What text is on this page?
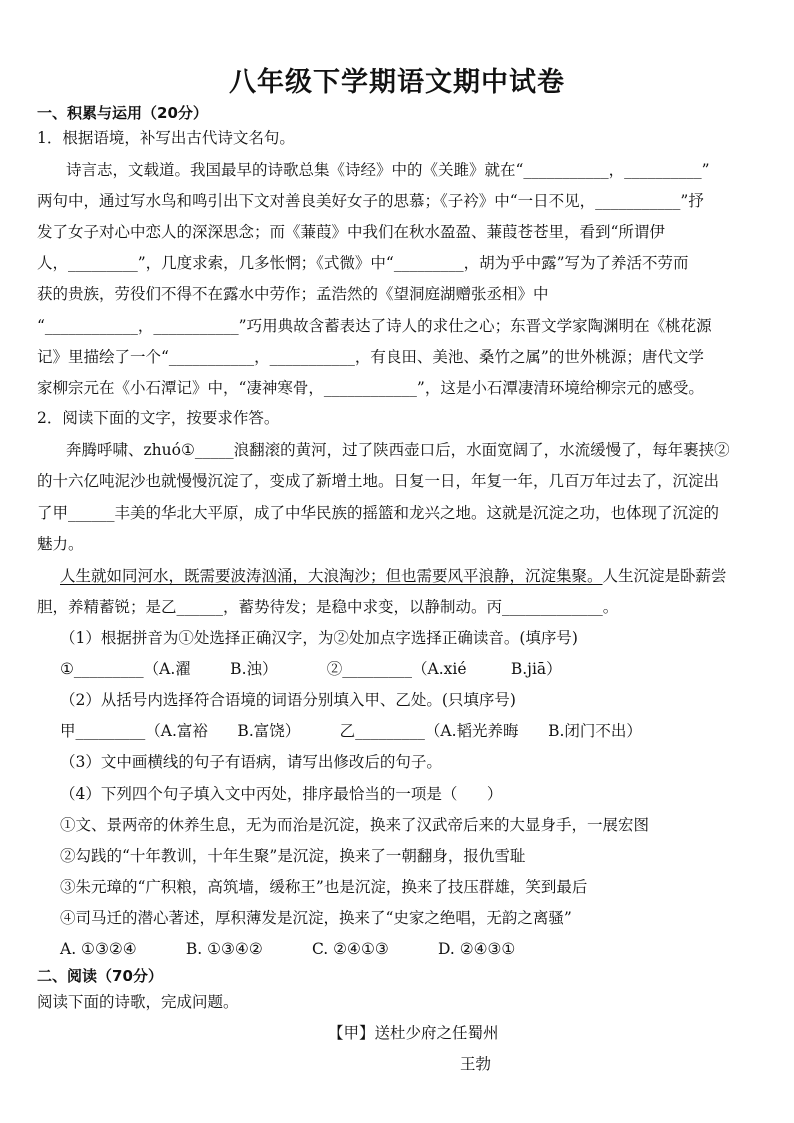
八年级下学期语文期中试卷
一、积累与运用（20分）
1．根据语境，补写出古代诗文名句。
诗言志，文载道。我国最早的诗歌总集《诗经》中的《关雎》就在“___________，__________”
两句中，通过写水鸟和鸣引出下文对善良美好女子的思慕；《子衿》中“一日不见，___________”抒
发了女子对心中恋人的深深思念；而《蒹葭》中我们在秋水盈盈、蒹葭苍苍里，看到“所谓伊
人，_________”，几度求索，几多怅惘；《式微》中“_________，胡为乎中露”写为了养活不劳而
获的贵族，劳役们不得不在露水中劳作；孟浩然的《望洞庭湖赠张丞相》中
“____________，___________”巧用典故含蓄表达了诗人的求仕之心；东晋文学家陶渊明在《桃花源
记》里描绘了一个“___________，___________，有良田、美池、桑竹之属”的世外桃源；唐代文学
家柳宗元在《小石潭记》中，“凄神寒骨，____________”，这是小石潭凄清环境给柳宗元的感受。
2．阅读下面的文字，按要求作答。
奔腾呼啸、zhuó①_____浪翻滚的黄河，过了陕西壶口后，水面宽阔了，水流缓慢了，每年裹挟②
的十六亿吨泥沙也就慢慢沉淀了，变成了新增土地。日复一日，年复一年，几百万年过去了，沉淀出
了甲______丰美的华北大平原，成了中华民族的摇篮和龙兴之地。这就是沉淀之功，也体现了沉淀的
魅力。
人生就如同河水，既需要波涛汹涌，大浪淘沙；但也需要风平浪静，沉淀集聚。人生沉淀是卧薪尝
胆，养精蓄锐；是乙______，蓄势待发；是稳中求变，以静制动。丙_____________。
（1）根据拼音为①处选择正确汉字，为②处加点字选择正确读音。(填序号)
①_________（A.濯        B.浊）          ②_________（A.xié         B.jiā）
（2）从括号内选择符合语境的词语分别填入甲、乙处。(只填序号)
甲_________（A.富裕      B.富饶）        乙_________（A.韬光养晦      B.闭门不出）
（3）文中画横线的句子有语病，请写出修改后的句子。
（4）下列四个句子填入文中丙处，排序最恰当的一项是（      ）
①文、景两帝的休养生息，无为而治是沉淀，换来了汉武帝后来的大显身手，一展宏图
②勾践的“十年教训，十年生聚”是沉淀，换来了一朝翻身，报仇雪耻
③朱元璋的“广积粮，高筑墙，缓称王”也是沉淀，换来了技压群雄，笑到最后
④司马迁的潜心著述，厚积薄发是沉淀，换来了“史家之绝唱，无韵之离骚”
A. ①③②④          B. ①③④②          C. ②④①③          D. ②④③①
二、阅读（70分）
阅读下面的诗歌，完成问题。
【甲】送杜少府之任蜀州
王勃
